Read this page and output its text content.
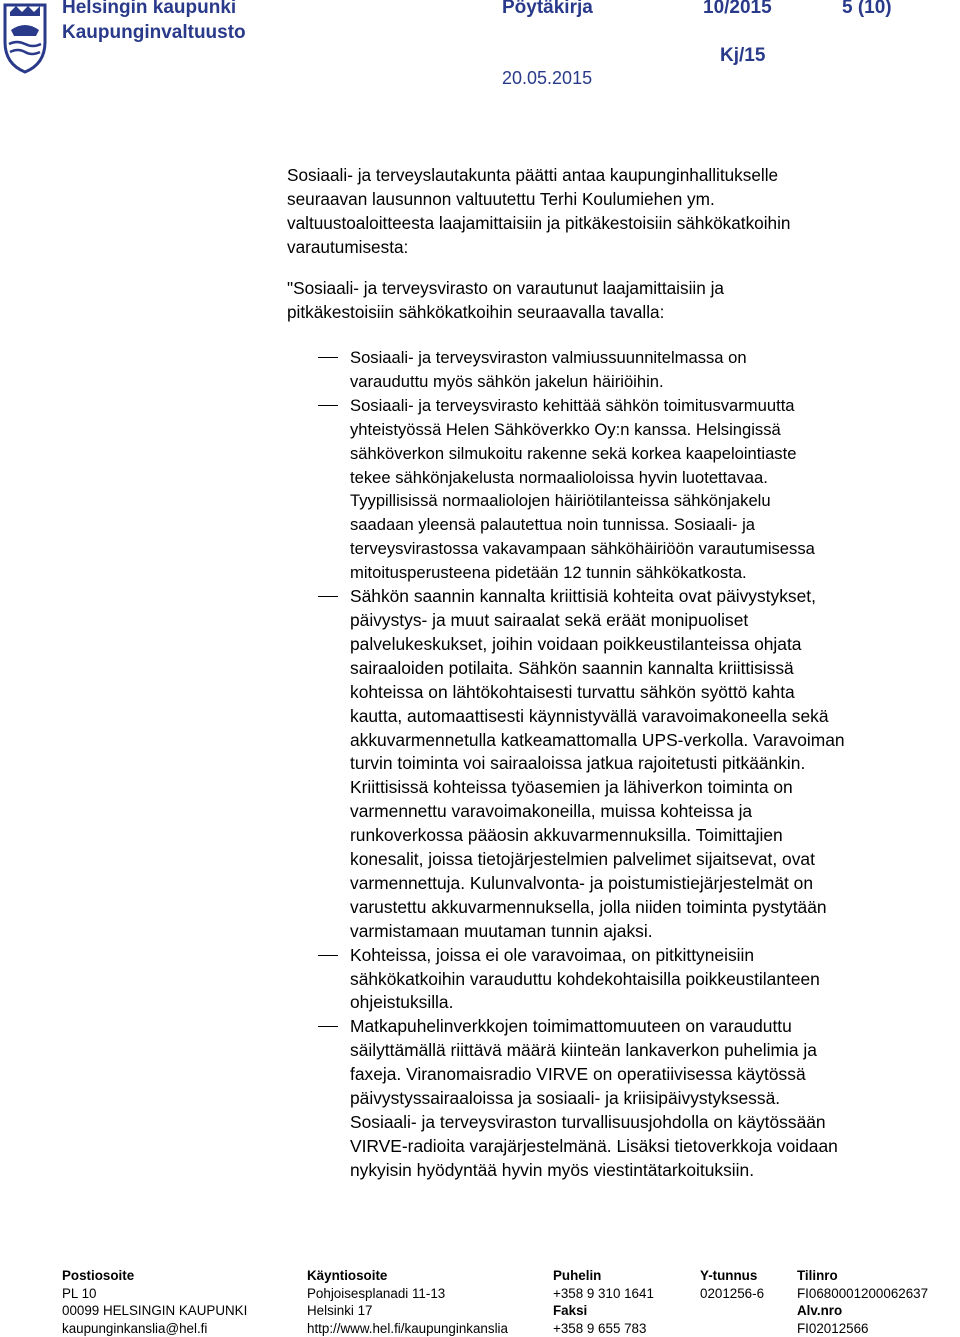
Helsingin kaupunki
Kaupunginvaltuusto
Pöytäkirja	10/2015	5 (10)
Kj/15
20.05.2015
Sosiaali- ja terveyslautakunta päätti antaa kaupunginhallitukselle
seuraavan lausunnon valtuutettu Terhi Koulumiehen ym.
valtuustoaloitteesta laajamittaisiin ja pitkäkestoisiin sähkökatkoihin
varautumisesta:
"Sosiaali- ja terveysvirasto on varautunut laajamittaisiin ja
pitkäkestoisiin sähkökatkoihin seuraavalla tavalla:
Sosiaali- ja terveysviraston valmiussuunnitelmassa on
varauduttu myös sähkön jakelun häiriöihin.
Sosiaali- ja terveysvirasto kehittää sähkön toimitusvarmuutta
yhteistyössä Helen Sähköverkko Oy:n kanssa. Helsingissä
sähköverkon silmukoitu rakenne sekä korkea kaapelointiaste
tekee sähkönjakelusta normaalioloissa hyvin luotettavaa.
Tyypillisissä normaaliolojen häiriötilanteissa sähkönjakelu
saadaan yleensä palautettua noin tunnissa. Sosiaali- ja
terveysvirastossa vakavampaan sähköhäiriöön varautumisessa
mitoitusperusteena pidetään 12 tunnin sähkökatkosta.
Sähkön saannin kannalta kriittisiä kohteita ovat päivystykset,
päivystys- ja muut sairaalat sekä eräät monipuoliset
palvelukeskukset, joihin voidaan poikkeustilanteissa ohjata
sairaaloiden potilaita. Sähkön saannin kannalta kriittisissä
kohteissa on lähtökohtaisesti turvattu sähkön syöttö kahta
kautta, automaattisesti käynnistyvällä varavoimakoneella sekä
akkuvarmennetulla katkeamattomalla UPS-verkolla. Varavoiman
turvin toiminta voi sairaaloissa jatkua rajoitetusti pitkäänkin.
Kriittisissä kohteissa työasemien ja lähiverkon toiminta on
varmennettu varavoimakoneilla, muissa kohteissa ja
runkoverkossa pääosin akkuvarmennuksilla. Toimittajien
konesalit, joissa tietojärjestelmien palvelimet sijaitsevat, ovat
varmennettuja. Kulunvalvonta- ja poistumistiejärjestelmät on
varustettu akkuvarmennuksella, jolla niiden toiminta pystytään
varmistamaan muutaman tunnin ajaksi.
Kohteissa, joissa ei ole varavoimaa, on pitkittyneisiin
sähkökatkoihin varauduttu kohdekohtaisilla poikkeustilanteen
ohjeistuksilla.
Matkapuhelinverkkojen toimimattomuuteen on varauduttu
säilyttämällä riittävä määrä kiinteän lankaverkon puhelimia ja
faxeja. Viranomaisradio VIRVE on operatiivisessa käytössä
päivystyssairaaloissa ja sosiaali- ja kriisipäivystyksessä.
Sosiaali- ja terveysviraston turvallisuusjohdolla on käytössään
VIRVE-radioita varajärjestelmänä. Lisäksi tietoverkkoja voidaan
nykyisin hyödyntää hyvin myös viestintätarkoituksiin.
Postiosoite
PL 10
00099 HELSINGIN KAUPUNKI
kaupunginkanslia@hel.fi
Käyntiosoite
Pohjoisesplanadi 11-13
Helsinki 17
http://www.hel.fi/kaupunginkanslia
Puhelin
+358 9 310 1641
Faksi
+358 9 655 783
Y-tunnus
0201256-6
Tilinro
FI0680001200062637
Alv.nro
FI02012566
